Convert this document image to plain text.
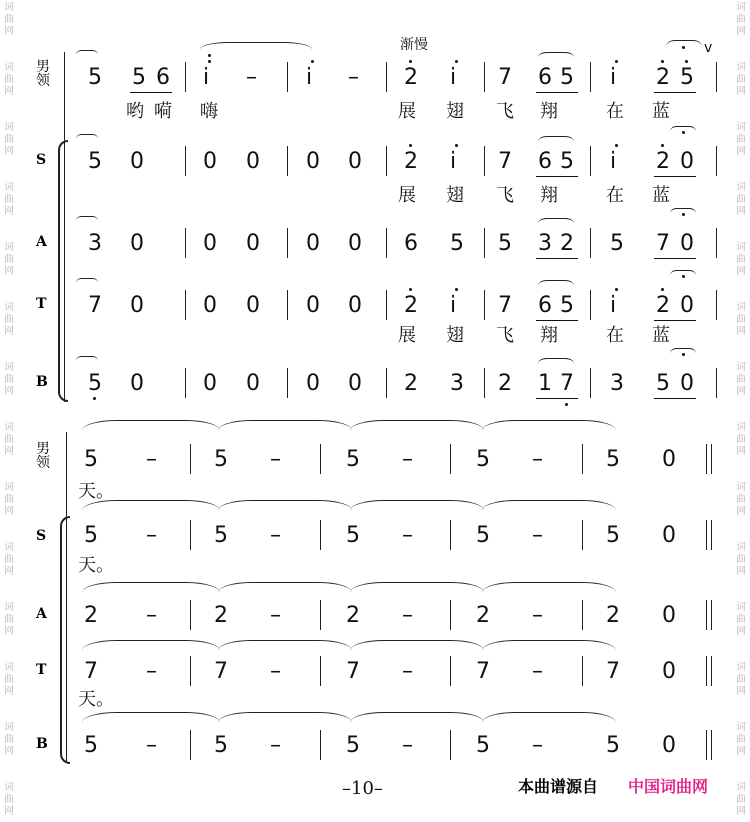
词
曲
网
词
曲
网
词
曲
网
词
曲
网
词
曲
网
词
曲
网
词
曲
网
词
曲
网
词
曲
网
词
曲
网
词
曲
网
词
曲
网
词
曲
网
词
曲
网
词
曲
网
词
曲
网
词
曲
网
词
曲
网
词
曲
网
词
曲
网
词
曲
网
词
曲
网
词
曲
网
词
曲
网
词
曲
网
词
曲
网
词
曲
网
词
曲
网
渐慢
男
领
S
A
T
B
5 5 6 i – i – 2 i 7 6 5 i 2 5
v
哟 嗬 嗨	展 翅 飞 翔	在 蓝
5 0	0 0 0 0 2 i 7 6 5 i 2 0
展 翅 飞 翔	在 蓝
3 0	0 0 0 0 6 5 5 3 2 5 7 0
7 0	0 0 0 0 2 i 7 6 5 i 2 0
展 翅 飞 翔	在 蓝
5 0	0 0 0 0 2 3 2 1 7 3 5 0
男
领
S
A
T
B
5 –	5 –	5 –	5 –	5 0
天。
5 –	5 –	5 –	5 –	5 0
天。
2 –	2 –	2 –	2 –	2 0
7 –	7 –	7 –	7 –	7 0
天。
5 –	5 –	5 –	5 –	5 0
–10–	本曲谱源自 中国词曲网
